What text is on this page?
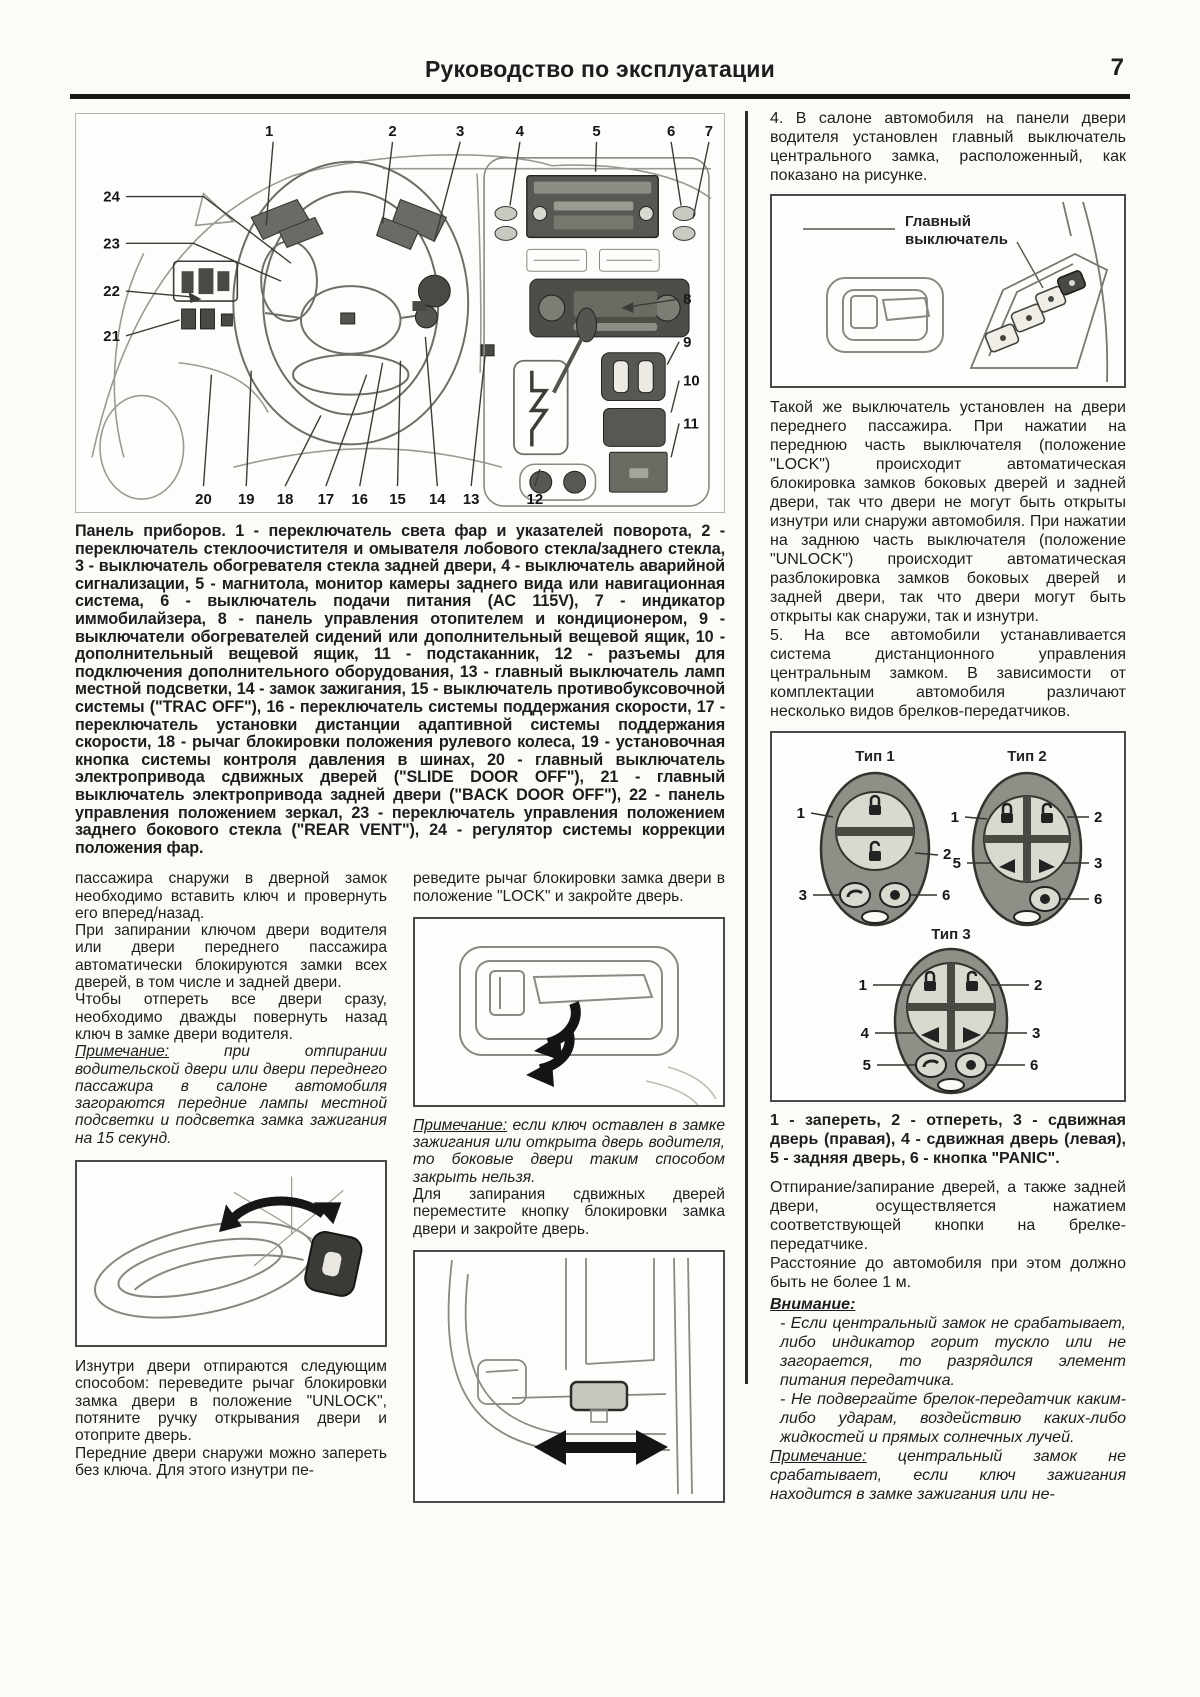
Руководство по эксплуатации	7
1	2	3	4	5	6 7
8
9
10
11
20 19 18 17 16 15 14 13	12
24
23
22
21

Панель приборов. 1 - переключатель света фар и указателей поворота, 2 - переключатель стеклоочистителя и омывателя лобового стекла/заднего стекла, 3 - выключатель обогревателя стекла задней двери, 4 - выключатель аварийной сигнализации, 5 - магнитола, монитор камеры заднего вида или навигационная система, 6 - выключатель подачи питания (AC 115V), 7 - индикатор иммобилайзера, 8 - панель управления отопителем и кондиционером, 9 - выключатели обогревателей сидений или дополнительный вещевой ящик, 10 - дополнительный вещевой ящик, 11 - подстаканник, 12 - разъемы для подключения дополнительного оборудования, 13 - главный выключатель ламп местной подсветки, 14 - замок зажигания, 15 - выключатель противобуксовочной системы ("TRAC OFF"), 16 - переключатель системы поддержания скорости, 17 - переключатель установки дистанции адаптивной системы поддержания скорости, 18 - рычаг блокировки положения рулевого колеса, 19 - установочная кнопка системы контроля давления в шинах, 20 - главный выключатель электропривода сдвижных дверей ("SLIDE DOOR OFF"), 21 - главный выключатель электропривода задней двери ("BACK DOOR OFF"), 22 - панель управления положением зеркал, 23 - переключатель управления положением заднего бокового стекла ("REAR VENT"), 24 - регулятор системы коррекции положения фар.

пассажира снаружи в дверной замок необходимо вставить ключ и провернуть его вперед/назад.

При запирании ключом двери водителя или двери переднего пассажира автоматически блокируются замки всех дверей, в том числе и задней двери.

Чтобы отпереть все двери сразу, необходимо дважды повернуть назад ключ в замке двери водителя.

Примечание:	при отпирании водительской двери или двери переднего пассажира в салоне автомобиля загораются передние лампы местной подсветки и подсветка замка зажигания на 15 секунд.

Изнутри двери отпираются следующим способом: переведите рычаг блокировки замка двери в положение "UNLOCK", потяните ручку открывания двери и отоприте дверь.

Передние двери снаружи можно запереть без ключа. Для этого изнутри пе-

реведите рычаг блокировки замка двери в положение "LOCK" и закройте дверь.

Примечание: если ключ оставлен в замке зажигания или открыта дверь водителя, то боковые двери таким способом закрыть нельзя.

Для запирания сдвижных дверей переместите кнопку блокировки замка двери и закройте дверь.

4. В салоне автомобиля на панели двери водителя установлен главный выключатель центрального замка, расположенный, как показано на рисунке.

Главный
выключатель

Такой же выключатель установлен на двери переднего пассажира. При нажатии на переднюю часть выключателя (положение "LOCK") происходит автоматическая блокировка замков боковых дверей и задней двери, так что двери не могут быть открыты изнутри или снаружи автомобиля. При нажатии на заднюю часть выключателя (положение "UNLOCK") происходит автоматическая разблокировка замков боковых дверей и задней двери, так что двери могут быть открыты как снаружи, так и изнутри.

5. На все автомобили устанавливается система дистанционного управления центральным замком. В зависимости от комплектации автомобиля различают несколько видов брелков-передатчиков.

Тип 1	Тип 2
Тип 3
1
2
3	6
1	2
5	3
6
1	2
4	3
5	6

1 - запереть, 2 - отпереть, 3 - сдвижная дверь (правая), 4 - сдвижная дверь (левая), 5 - задняя дверь, 6 - кнопка "PANIC".

Отпирание/запирание дверей, а также задней двери, осуществляется нажатием соответствующей кнопки на брелке-передатчике.

Расстояние до автомобиля при этом должно быть не более 1 м.

Внимание:

- Если центральный замок не срабатывает, либо индикатор горит тускло или не загорается, то разрядился элемент питания передатчика.

- Не подвергайте брелок-передатчик каким-либо ударам, воздействию каких-либо жидкостей и прямых солнечных лучей.

Примечание: центральный замок не срабатывает, если ключ зажигания находится в замке зажигания или не-
